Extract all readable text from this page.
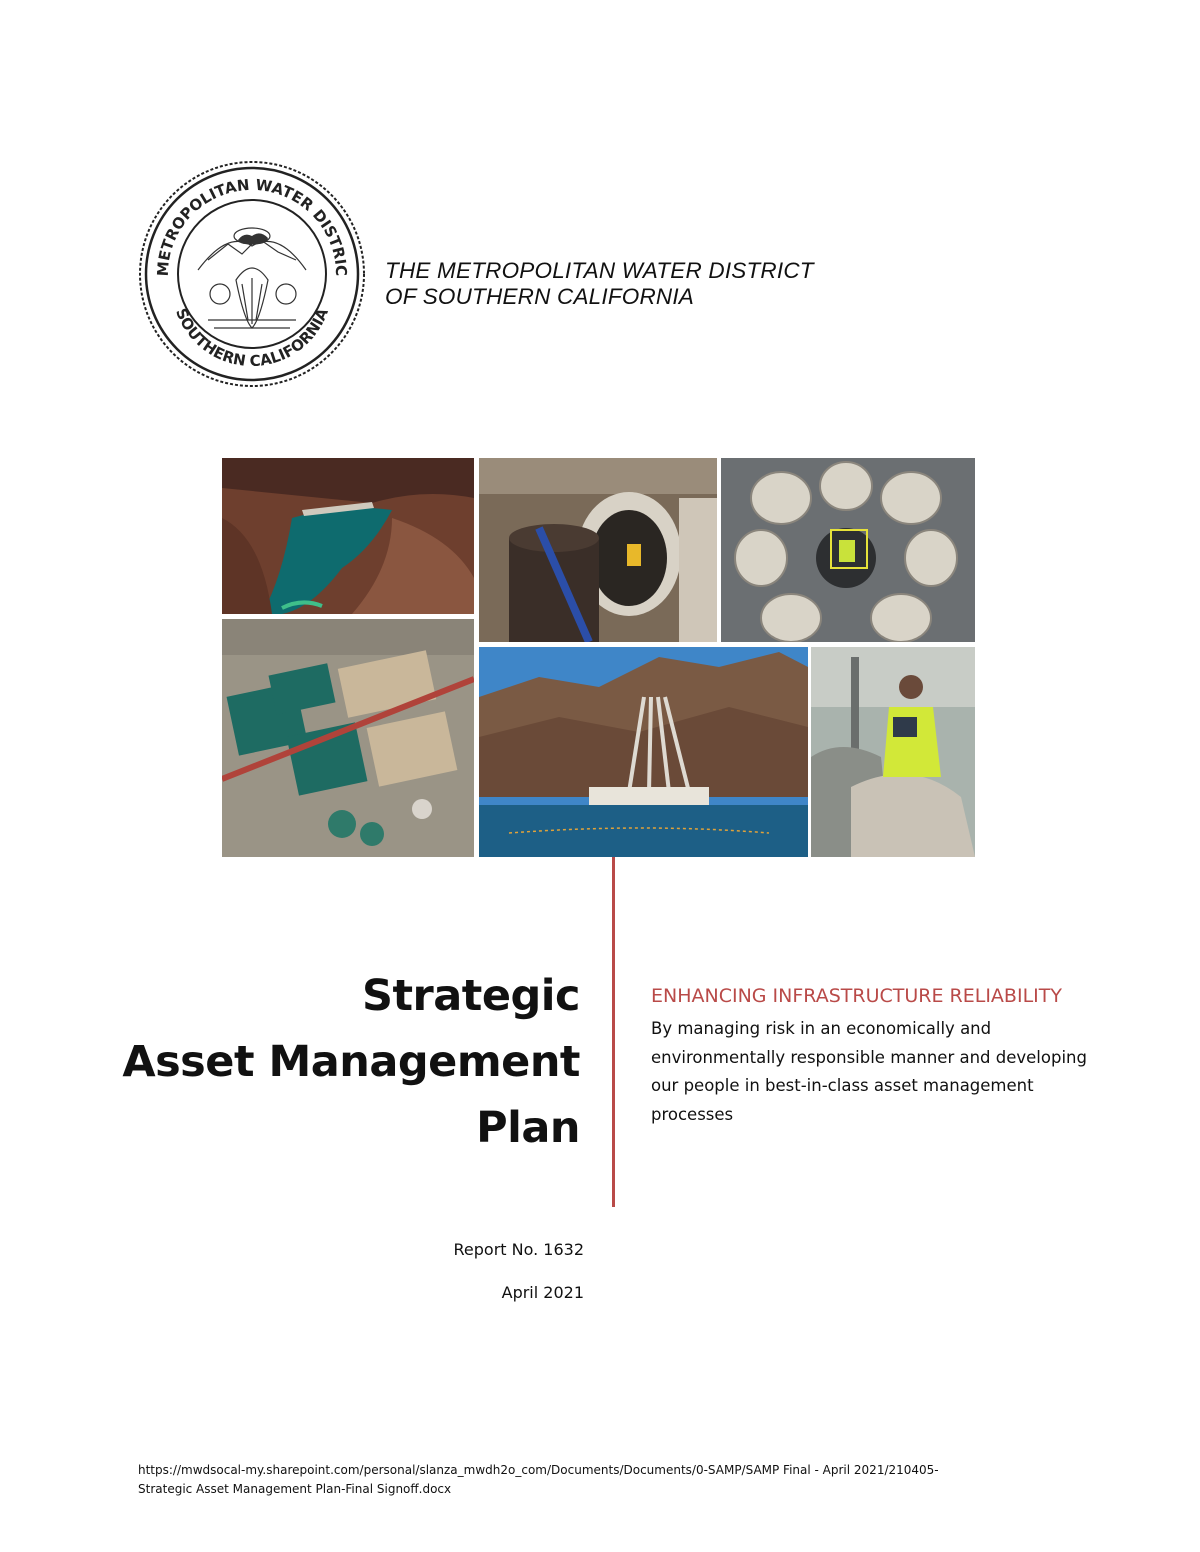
METROPOLITAN WATER DISTRIC
SOUTHERN CALIFORNIA
THE METROPOLITAN WATER DISTRICT
OF SOUTHERN CALIFORNIA
Strategic
Asset Management
Plan
ENHANCING INFRASTRUCTURE RELIABILITY
By managing risk in an economically and
environmentally responsible manner and developing
our people in best-in-class asset management
processes
Report No. 1632
April 2021
https://mwdsocal-my.sharepoint.com/personal/slanza_mwdh2o_com/Documents/Documents/0-SAMP/SAMP Final - April 2021/210405-
Strategic Asset Management Plan-Final Signoff.docx
